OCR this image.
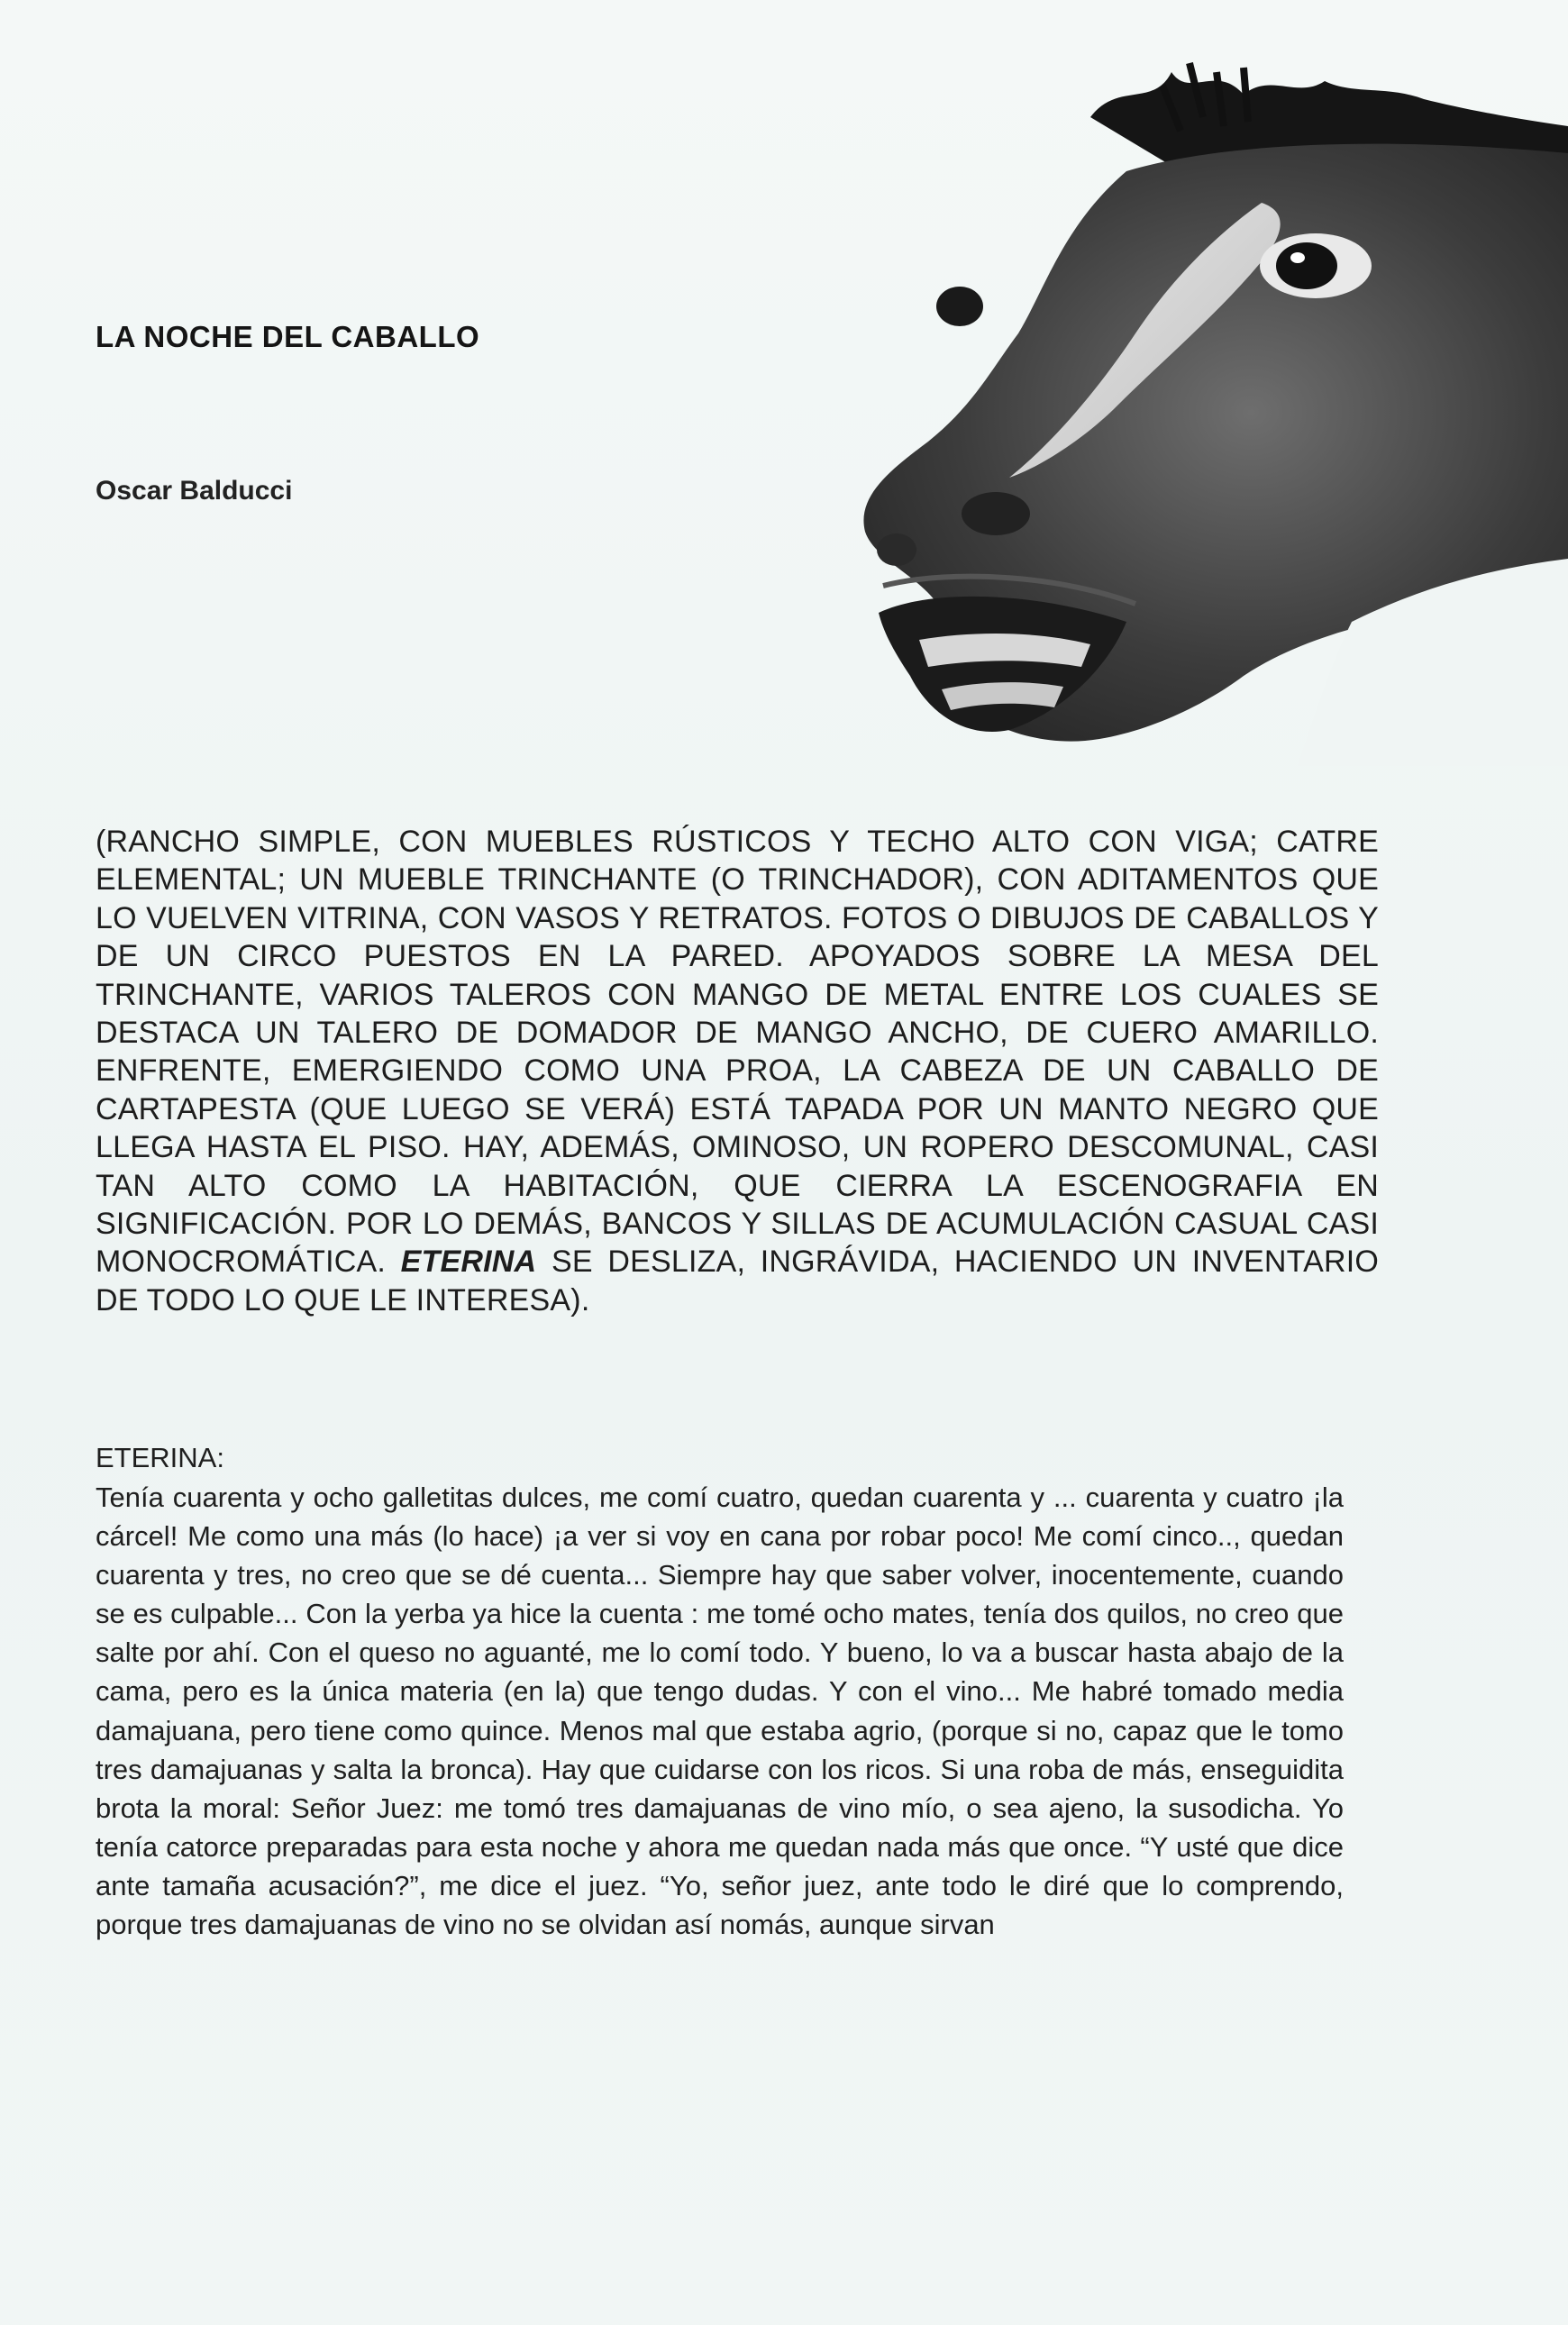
LA NOCHE DEL CABALLO
Oscar Balducci

(RANCHO SIMPLE, CON MUEBLES RÚSTICOS Y TECHO ALTO CON VIGA; CATRE ELEMENTAL; UN MUEBLE TRINCHANTE (O TRINCHADOR), CON ADITAMENTOS QUE LO VUELVEN VITRINA, CON VASOS Y RETRATOS. FOTOS O DIBUJOS DE CABALLOS Y DE UN CIRCO PUESTOS EN LA PARED. APOYADOS SOBRE LA MESA DEL TRINCHANTE, VARIOS TALEROS CON MANGO DE METAL ENTRE LOS CUALES SE DESTACA UN TALERO DE DOMADOR DE MANGO ANCHO, DE CUERO AMARILLO. ENFRENTE, EMERGIENDO COMO UNA PROA, LA CABEZA DE UN CABALLO DE CARTAPESTA (QUE LUEGO SE VERÁ) ESTÁ TAPADA POR UN MANTO NEGRO QUE LLEGA HASTA EL PISO. HAY, ADEMÁS, OMINOSO, UN ROPERO DESCOMUNAL, CASI TAN ALTO COMO LA HABITACIÓN, QUE CIERRA LA ESCENOGRAFIA EN SIGNIFICACIÓN. POR LO DEMÁS, BANCOS Y SILLAS DE ACUMULACIÓN CASUAL CASI MONOCROMÁTICA. ETERINA SE DESLIZA, INGRÁVIDA, HACIENDO UN INVENTARIO DE TODO LO QUE LE INTERESA).

ETERINA:

Tenía cuarenta y ocho galletitas dulces, me comí cuatro, quedan cuarenta y ... cuarenta y cuatro ¡la cárcel! Me como una más (lo hace) ¡a ver si voy en cana por robar poco! Me comí cinco.., quedan cuarenta y tres, no creo que se dé cuenta... Siempre hay que saber volver, inocentemente, cuando se es culpable... Con la yerba ya hice la cuenta : me tomé ocho mates, tenía dos quilos, no creo que salte por ahí. Con el queso no aguanté, me lo comí todo. Y bueno, lo va a buscar hasta abajo de la cama, pero es la única materia (en la) que tengo dudas. Y con el vino... Me habré tomado media damajuana, pero tiene como quince. Menos mal que estaba agrio, (porque si no, capaz que le tomo tres damajuanas y salta la bronca). Hay que cuidarse con los ricos. Si una roba de más, enseguidita brota la moral: Señor Juez: me tomó tres damajuanas de vino mío, o sea ajeno, la susodicha. Yo tenía catorce preparadas para esta noche y ahora me quedan nada más que once. “Y usté que dice ante tamaña acusación?”, me dice el juez. “Yo, señor juez, ante todo le diré que lo comprendo, porque tres damajuanas de vino no se olvidan así nomás, aunque sirvan
